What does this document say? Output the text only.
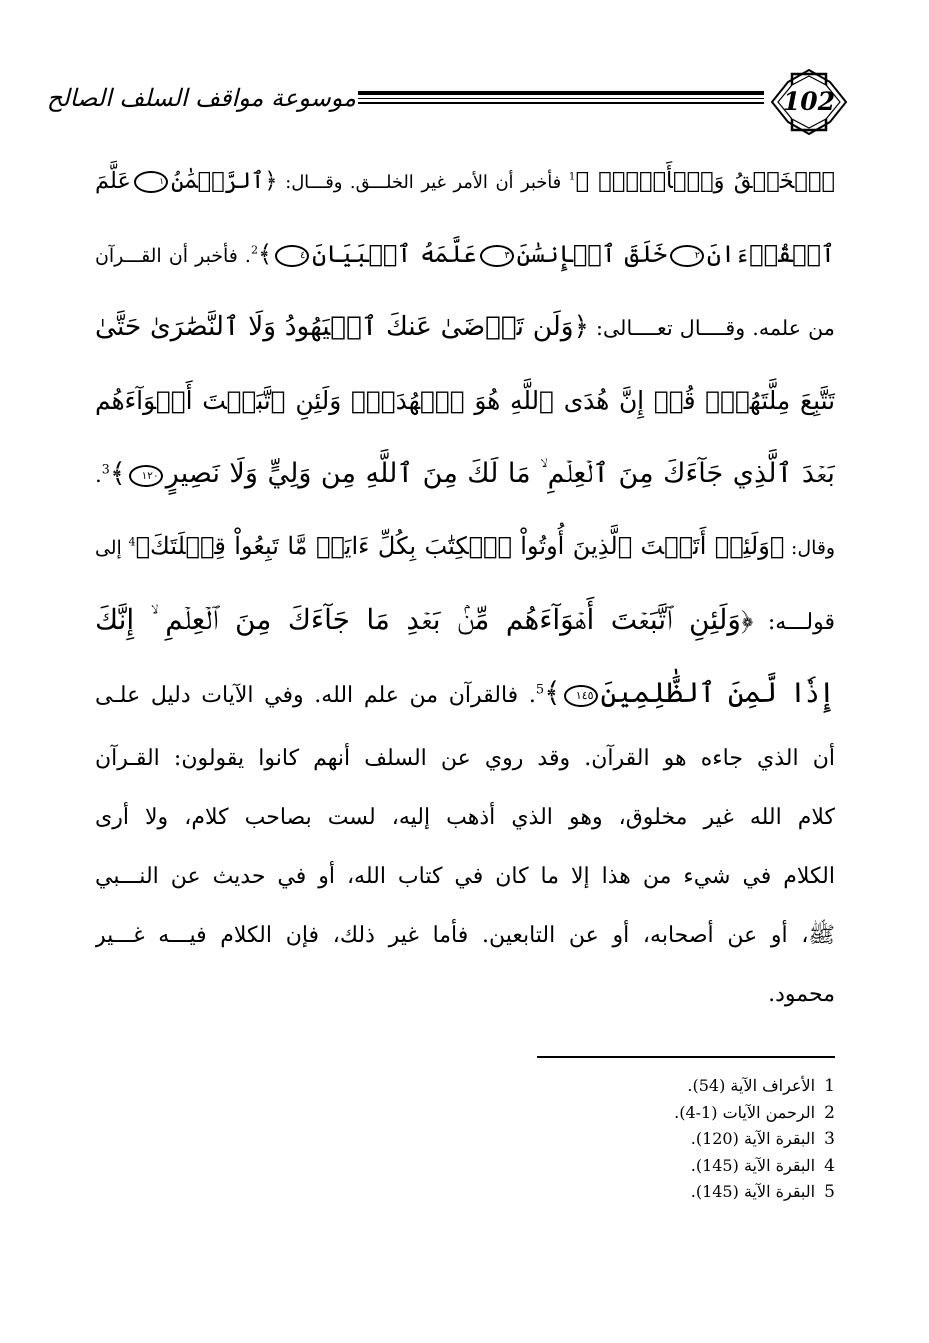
موسوعة مواقف السلف الصالح	102
ٱلۡخَلۡقُ وَٱلۡأَمۡرُۗ ﴾$^1$ فأخبر أن الأمر غير الخلـــق. وقـــال: ﴿ٱلرَّحۡمَٰنُ١عَلَّمَ
ٱلۡقُرۡءَانَ٢خَلَقَ ٱلۡإِنسَٰنَ٣عَلَّمَهُ ٱلۡبَيَانَ٤﴾$^2$. فأخبر أن القـــرآن
من علمه. وقــــال تعــــالى: ﴿وَلَن تَرۡضَىٰ عَنكَ ٱلۡيَهُودُ وَلَا ٱلنَّصَٰرَىٰ حَتَّىٰ
تَتَّبِعَ مِلَّتَهُمۡۗ قُلۡ إِنَّ هُدَى ٱللَّهِ هُوَ ٱلۡهُدَىٰۗ وَلَئِنِ ٱتَّبَعۡتَ أَهۡوَآءَهُم
بَعۡدَ ٱلَّذِي جَآءَكَ مِنَ ٱلۡعِلۡمِ ۙ مَا لَكَ مِنَ ٱللَّهِ مِن وَلِيٍّ وَلَا نَصِيرٍ١٢٠﴾$^3$.
وقال: ﴿وَلَئِنۡ أَتَيۡتَ ٱلَّذِينَ أُوتُواْ ٱلۡكِتَٰبَ بِكُلِّ ءَايَةٖ مَّا تَبِعُواْ قِبۡلَتَكَ﴾$^4$ إلى
قولـــه: ﴿وَلَئِنِ ٱتَّبَعۡتَ أَهۡوَآءَهُم مِّنۢ بَعۡدِ مَا جَآءَكَ مِنَ ٱلۡعِلۡمِ ۙ إِنَّكَ
إِذٗا لَّمِنَ ٱلظَّٰلِمِينَ١٤٥﴾$^5$. فالقرآن من علم الله. وفي الآيات دليل علـى
أن الذي جاءه هو القرآن. وقد روي عن السلف أنهم كانوا يقولون: القـرآن
كلام الله غير مخلوق، وهو الذي أذهب إليه، لست بصاحب كلام، ولا أرى
الكلام في شيء من هذا إلا ما كان في كتاب الله، أو في حديث عن النـــبي
ﷺ، أو عن أصحابه، أو عن التابعين. فأما غير ذلك، فإن الكلام فيـــه غـــير
محمود.
1 الأعراف الآية (54).
2 الرحمن الآيات (1-4).
3 البقرة الآية (120).
4 البقرة الآية (145).
5 البقرة الآية (145).
